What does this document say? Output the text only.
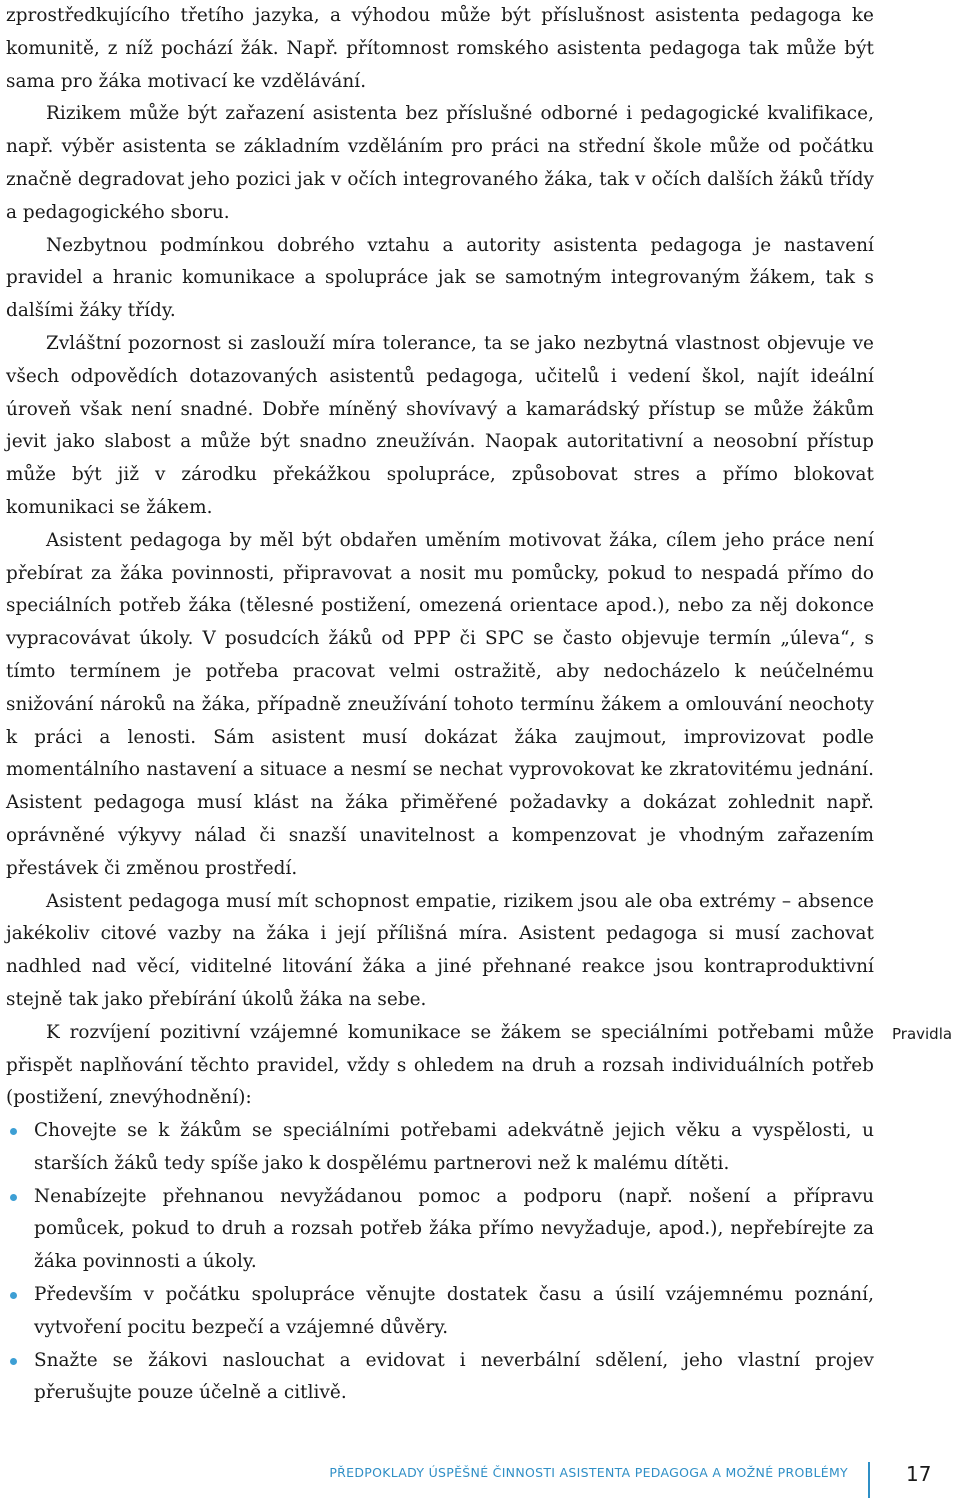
zprostředkujícího třetího jazyka, a výhodou může být příslušnost asistenta pedagoga ke komunitě, z níž pochází žák. Např. přítomnost romského asistenta pedagoga tak může být sama pro žáka motivací ke vzdělávání.

Rizikem může být zařazení asistenta bez příslušné odborné i pedagogické kvalifikace, např. výběr asistenta se základním vzděláním pro práci na střední škole může od počátku značně degradovat jeho pozici jak v očích integrovaného žáka, tak v očích dalších žáků třídy a pedagogického sboru.

Nezbytnou podmínkou dobrého vztahu a autority asistenta pedagoga je nastavení pravidel a hranic komunikace a spolupráce jak se samotným integrovaným žákem, tak s dalšími žáky třídy.

Zvláštní pozornost si zaslouží míra tolerance, ta se jako nezbytná vlastnost objevuje ve všech odpovědích dotazovaných asistentů pedagoga, učitelů i vedení škol, najít ideální úroveň však není snadné. Dobře míněný shovívavý a kamarádský přístup se může žákům jevit jako slabost a může být snadno zneužíván. Naopak autoritativní a neosobní přístup může být již v zárodku překážkou spolupráce, způsobovat stres a přímo blokovat komunikaci se žákem.

Asistent pedagoga by měl být obdařen uměním motivovat žáka, cílem jeho práce není přebírat za žáka povinnosti, připravovat a nosit mu pomůcky, pokud to nespadá přímo do speciálních potřeb žáka (tělesné postižení, omezená orientace apod.), nebo za něj dokonce vypracovávat úkoly. V posudcích žáků od PPP či SPC se často objevuje termín „úleva“, s tímto termínem je potřeba pracovat velmi ostražitě, aby nedocházelo k neúčelnému snižování nároků na žáka, případně zneužívání tohoto termínu žákem a omlouvání neochoty k práci a lenosti. Sám asistent musí dokázat žáka zaujmout, improvizovat podle momentálního nastavení a situace a nesmí se nechat vyprovokovat ke zkratovitému jednání. Asistent pedagoga musí klást na žáka přiměřené požadavky a dokázat zohlednit např. oprávněné výkyvy nálad či snazší unavitelnost a kompenzovat je vhodným zařazením přestávek či změnou prostředí.

Asistent pedagoga musí mít schopnost empatie, rizikem jsou ale oba extrémy – absence jakékoliv citové vazby na žáka i její přílišná míra. Asistent pedagoga si musí zachovat nadhled nad věcí, viditelné litování žáka a jiné přehnané reakce jsou kontraproduktivní stejně tak jako přebírání úkolů žáka na sebe.

K rozvíjení pozitivní vzájemné komunikace se žákem se speciálními potřebami může přispět naplňování těchto pravidel, vždy s ohledem na druh a rozsah individuálních potřeb (postižení, znevýhodnění):

Chovejte se k žákům se speciálními potřebami adekvátně jejich věku a vyspělosti, u starších žáků tedy spíše jako k dospělému partnerovi než k malému dítěti.
Nenabízejte přehnanou nevyžádanou pomoc a podporu (např. nošení a přípravu pomůcek, pokud to druh a rozsah potřeb žáka přímo nevyžaduje, apod.), nepřebírejte za žáka povinnosti a úkoly.
Především v počátku spolupráce věnujte dostatek času a úsilí vzájemnému poznání, vytvoření pocitu bezpečí a vzájemné důvěry.
Snažte se žákovi naslouchat a evidovat i neverbální sdělení, jeho vlastní projev přerušujte pouze účelně a citlivě.
Pravidla
PŘEDPOKLADY ÚSPĚŠNÉ ČINNOSTI ASISTENTA PEDAGOGA A MOŽNÉ PROBLÉMY	17
